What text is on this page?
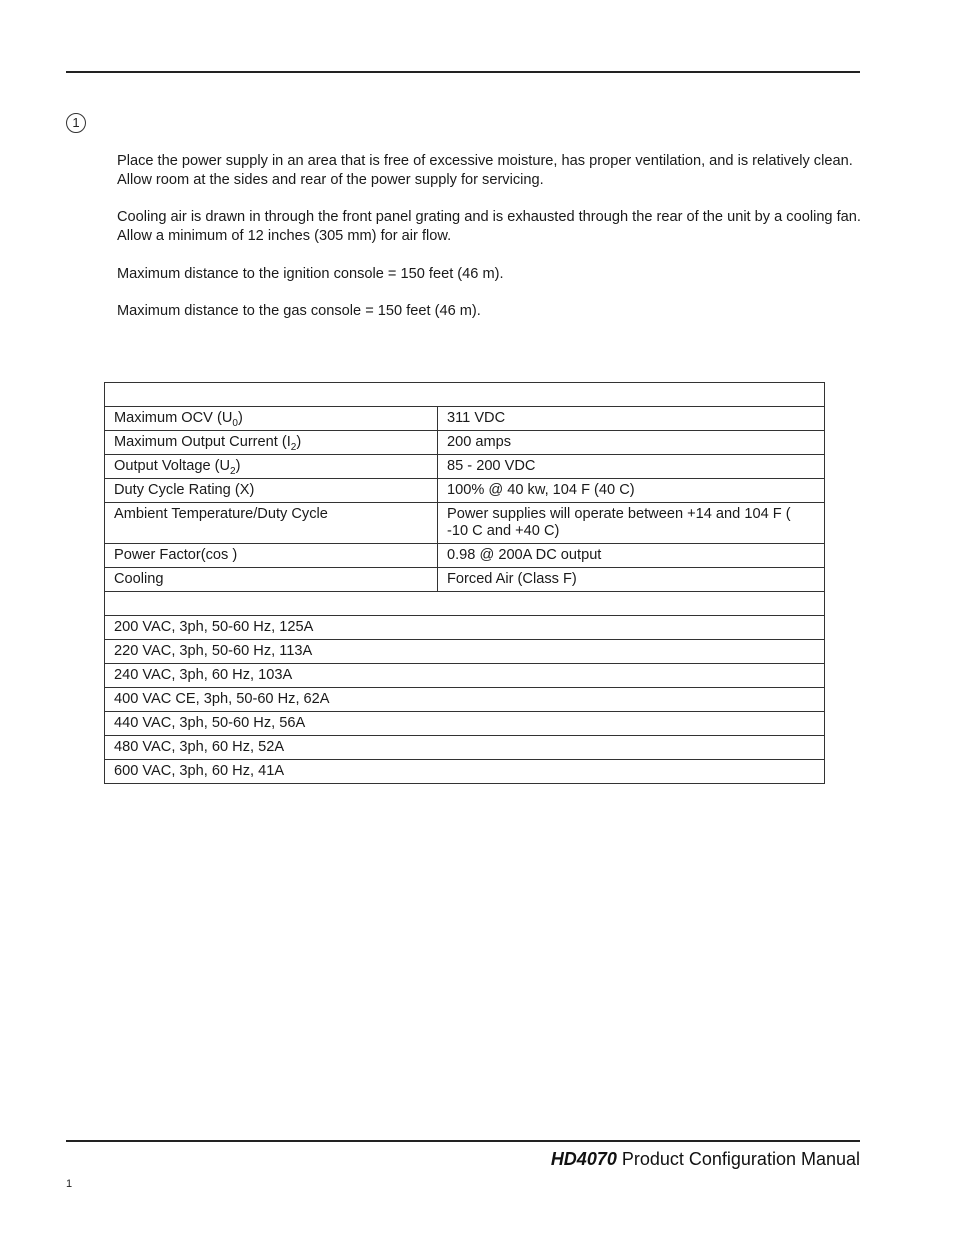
1

Place the power supply in an area that is free of excessive moisture, has proper ventilation, and is relatively clean. Allow room at the sides and rear of the power supply for servicing.

Cooling air is drawn in through the front panel grating and is exhausted through the rear of the unit by a cooling fan. Allow a minimum of 12 inches (305 mm) for air flow.

Maximum distance to the ignition console = 150 feet (46 m).

Maximum distance to the gas console = 150 feet (46 m).

Maximum OCV $(U_0)$	311 VDC
Maximum Output Current $(I_2)$	200 amps
Output Voltage $(U_2)$	85 - 200 VDC
Duty Cycle Rating (X)	100% @ 40 kw, 104 F (40 C)
Ambient Temperature/Duty Cycle	Power supplies will operate between +14 and 104 F ( -10 C and +40 C)
Power Factor(cos )	0.98 @ 200A DC output
Cooling	Forced Air (Class F)

200 VAC, 3ph, 50-60 Hz, 125A	
220 VAC, 3ph, 50-60 Hz, 113A	
240 VAC, 3ph, 60 Hz, 103A	
400 VAC CE, 3ph, 50-60 Hz, 62A	
440 VAC, 3ph, 50-60 Hz, 56A	
480 VAC, 3ph, 60 Hz, 52A	
600 VAC, 3ph, 60 Hz, 41A	
HD4070 Product Configuration Manual
1
